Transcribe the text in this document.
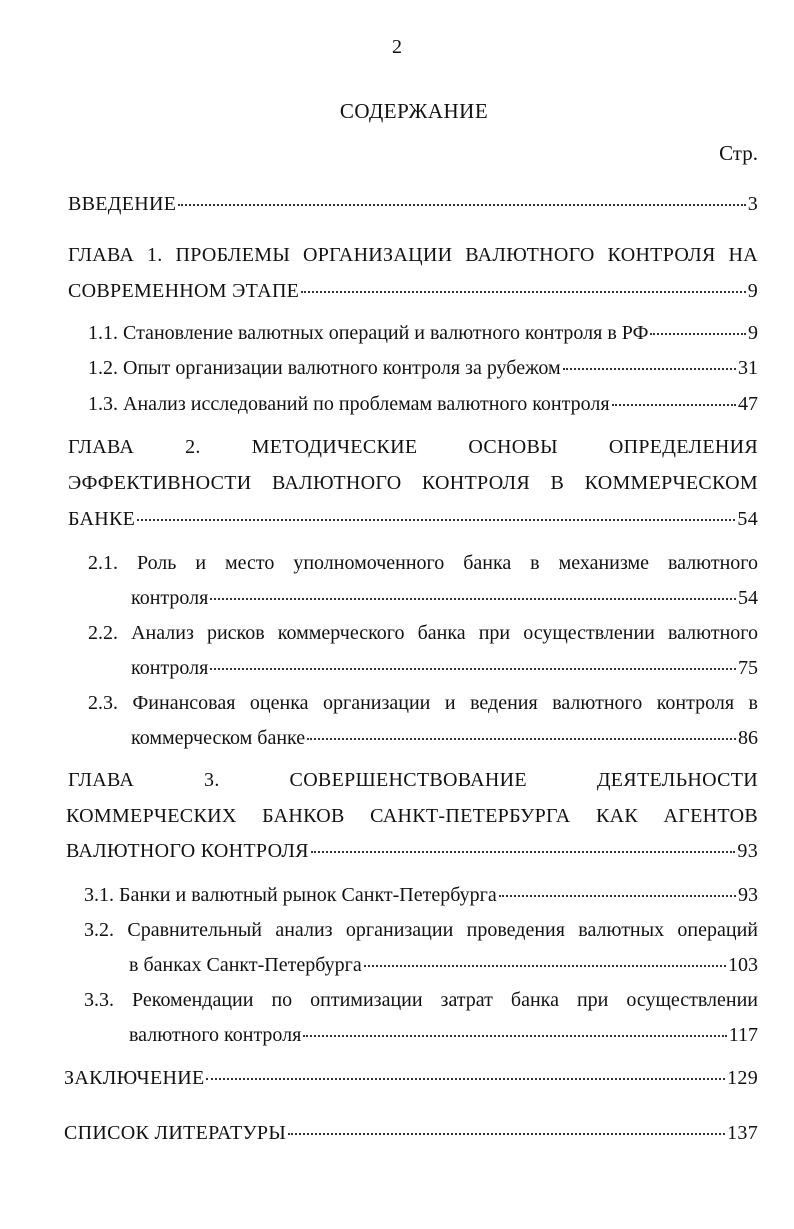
2
СОДЕРЖАНИЕ
Стр.
ВВЕДЕНИЕ	3
ГЛАВА 1. ПРОБЛЕМЫ ОРГАНИЗАЦИИ ВАЛЮТНОГО КОНТРОЛЯ НА
СОВРЕМЕННОМ ЭТАПЕ	9
1.1. Становление валютных операций и валютного контроля в РФ	9
1.2. Опыт организации валютного контроля за рубежом	31
1.3. Анализ исследований по проблемам валютного контроля	47
ГЛАВА 2. МЕТОДИЧЕСКИЕ ОСНОВЫ ОПРЕДЕЛЕНИЯ
ЭФФЕКТИВНОСТИ ВАЛЮТНОГО КОНТРОЛЯ В КОММЕРЧЕСКОМ
БАНКЕ	54
2.1. Роль и место уполномоченного банка в механизме валютного
контроля	54
2.2. Анализ рисков коммерческого банка при осуществлении валютного
контроля	75
2.3. Финансовая оценка организации и ведения валютного контроля в
коммерческом банке	86
ГЛАВА 3. СОВЕРШЕНСТВОВАНИЕ ДЕЯТЕЛЬНОСТИ
КОММЕРЧЕСКИХ БАНКОВ САНКТ-ПЕТЕРБУРГА КАК АГЕНТОВ
ВАЛЮТНОГО КОНТРОЛЯ	93
3.1. Банки и валютный рынок Санкт-Петербурга	93
3.2. Сравнительный анализ организации проведения валютных операций
в банках Санкт-Петербурга	103
3.3. Рекомендации по оптимизации затрат банка при осуществлении
валютного контроля	117
ЗАКЛЮЧЕНИЕ	129
СПИСОК ЛИТЕРАТУРЫ	137
